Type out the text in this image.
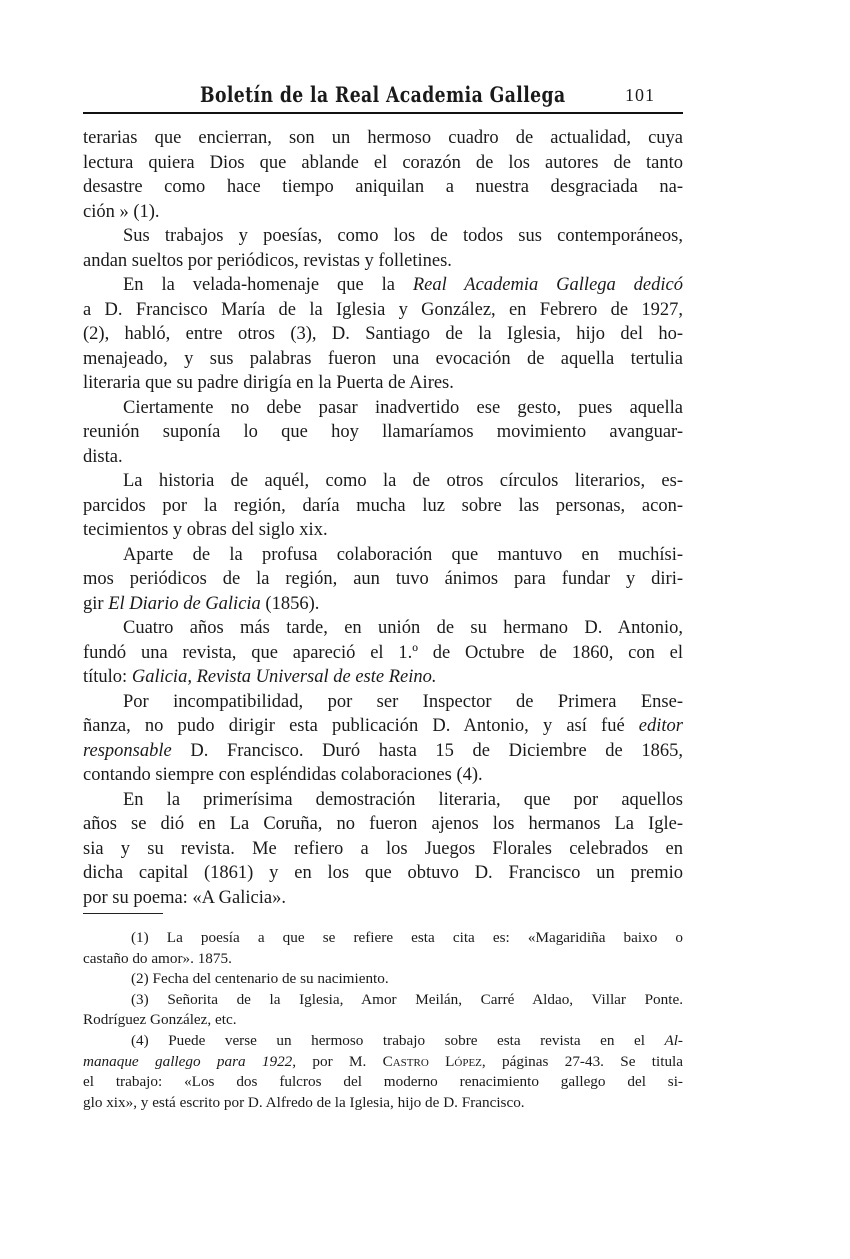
Boletín de la Real Academia Gallega	101
terarias que encierran, son un hermoso cuadro de actualidad, cuya
lectura quiera Dios que ablande el corazón de los autores de tanto
desastre como hace tiempo aniquilan a nuestra desgraciada na-
ción » (1).
Sus trabajos y poesías, como los de todos sus contemporáneos,
andan sueltos por periódicos, revistas y folletines.
En la velada-homenaje que la Real Academia Gallega dedicó
a D. Francisco María de la Iglesia y González, en Febrero de 1927,
(2), habló, entre otros (3), D. Santiago de la Iglesia, hijo del ho-
menajeado, y sus palabras fueron una evocación de aquella tertulia
literaria que su padre dirigía en la Puerta de Aires.
Ciertamente no debe pasar inadvertido ese gesto, pues aquella
reunión suponía lo que hoy llamaríamos movimiento avanguar-
dista.
La historia de aquél, como la de otros círculos literarios, es-
parcidos por la región, daría mucha luz sobre las personas, acon-
tecimientos y obras del siglo xix.
Aparte de la profusa colaboración que mantuvo en muchísi-
mos periódicos de la región, aun tuvo ánimos para fundar y diri-
gir El Diario de Galicia (1856).
Cuatro años más tarde, en unión de su hermano D. Antonio,
fundó una revista, que apareció el 1.º de Octubre de 1860, con el
título: Galicia, Revista Universal de este Reino.
Por incompatibilidad, por ser Inspector de Primera Ense-
ñanza, no pudo dirigir esta publicación D. Antonio, y así fué editor
responsable D. Francisco. Duró hasta 15 de Diciembre de 1865,
contando siempre con espléndidas colaboraciones (4).
En la primerísima demostración literaria, que por aquellos
años se dió en La Coruña, no fueron ajenos los hermanos La Igle-
sia y su revista. Me refiero a los Juegos Florales celebrados en
dicha capital (1861) y en los que obtuvo D. Francisco un premio
por su poema: «A Galicia».
(1) La poesía a que se refiere esta cita es: «Magaridiña baixo o
castaño do amor». 1875.
(2) Fecha del centenario de su nacimiento.
(3) Señorita de la Iglesia, Amor Meilán, Carré Aldao, Villar Ponte.
Rodríguez González, etc.
(4) Puede verse un hermoso trabajo sobre esta revista en el Al-
manaque gallego para 1922, por M. Castro López, páginas 27-43. Se titula
el trabajo: «Los dos fulcros del moderno renacimiento gallego del si-
glo xix», y está escrito por D. Alfredo de la Iglesia, hijo de D. Francisco.
